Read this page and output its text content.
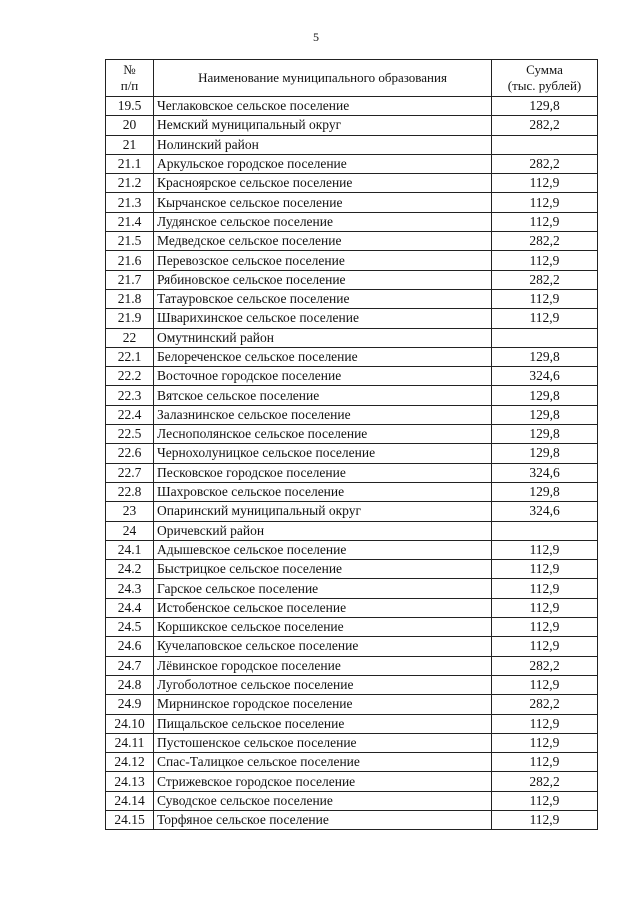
5
№
п/п	Наименование муниципального образования	Сумма
(тыс. рублей)
19.5	Чеглаковское сельское поселение	129,8
20	Немский муниципальный округ	282,2
21	Нолинский район	
21.1	Аркульское городское поселение	282,2
21.2	Красноярское сельское поселение	112,9
21.3	Кырчанское сельское поселение	112,9
21.4	Лудянское сельское поселение	112,9
21.5	Медведское сельское поселение	282,2
21.6	Перевозское сельское поселение	112,9
21.7	Рябиновское сельское поселение	282,2
21.8	Татауровское сельское поселение	112,9
21.9	Шварихинское сельское поселение	112,9
22	Омутнинский район	
22.1	Белореченское сельское поселение	129,8
22.2	Восточное городское поселение	324,6
22.3	Вятское сельское поселение	129,8
22.4	Залазнинское сельское поселение	129,8
22.5	Леснополянское сельское поселение	129,8
22.6	Чернохолуницкое сельское поселение	129,8
22.7	Песковское городское поселение	324,6
22.8	Шахровское сельское поселение	129,8
23	Опаринский муниципальный округ	324,6
24	Оричевский район	
24.1	Адышевское сельское поселение	112,9
24.2	Быстрицкое сельское поселение	112,9
24.3	Гарское сельское поселение	112,9
24.4	Истобенское сельское поселение	112,9
24.5	Коршикское сельское поселение	112,9
24.6	Кучелаповское сельское поселение	112,9
24.7	Лёвинское городское поселение	282,2
24.8	Лугоболотное сельское поселение	112,9
24.9	Мирнинское городское поселение	282,2
24.10	Пищальское сельское поселение	112,9
24.11	Пустошенское сельское поселение	112,9
24.12	Спас-Талицкое сельское поселение	112,9
24.13	Стрижевское городское поселение	282,2
24.14	Суводское сельское поселение	112,9
24.15	Торфяное сельское поселение	112,9
